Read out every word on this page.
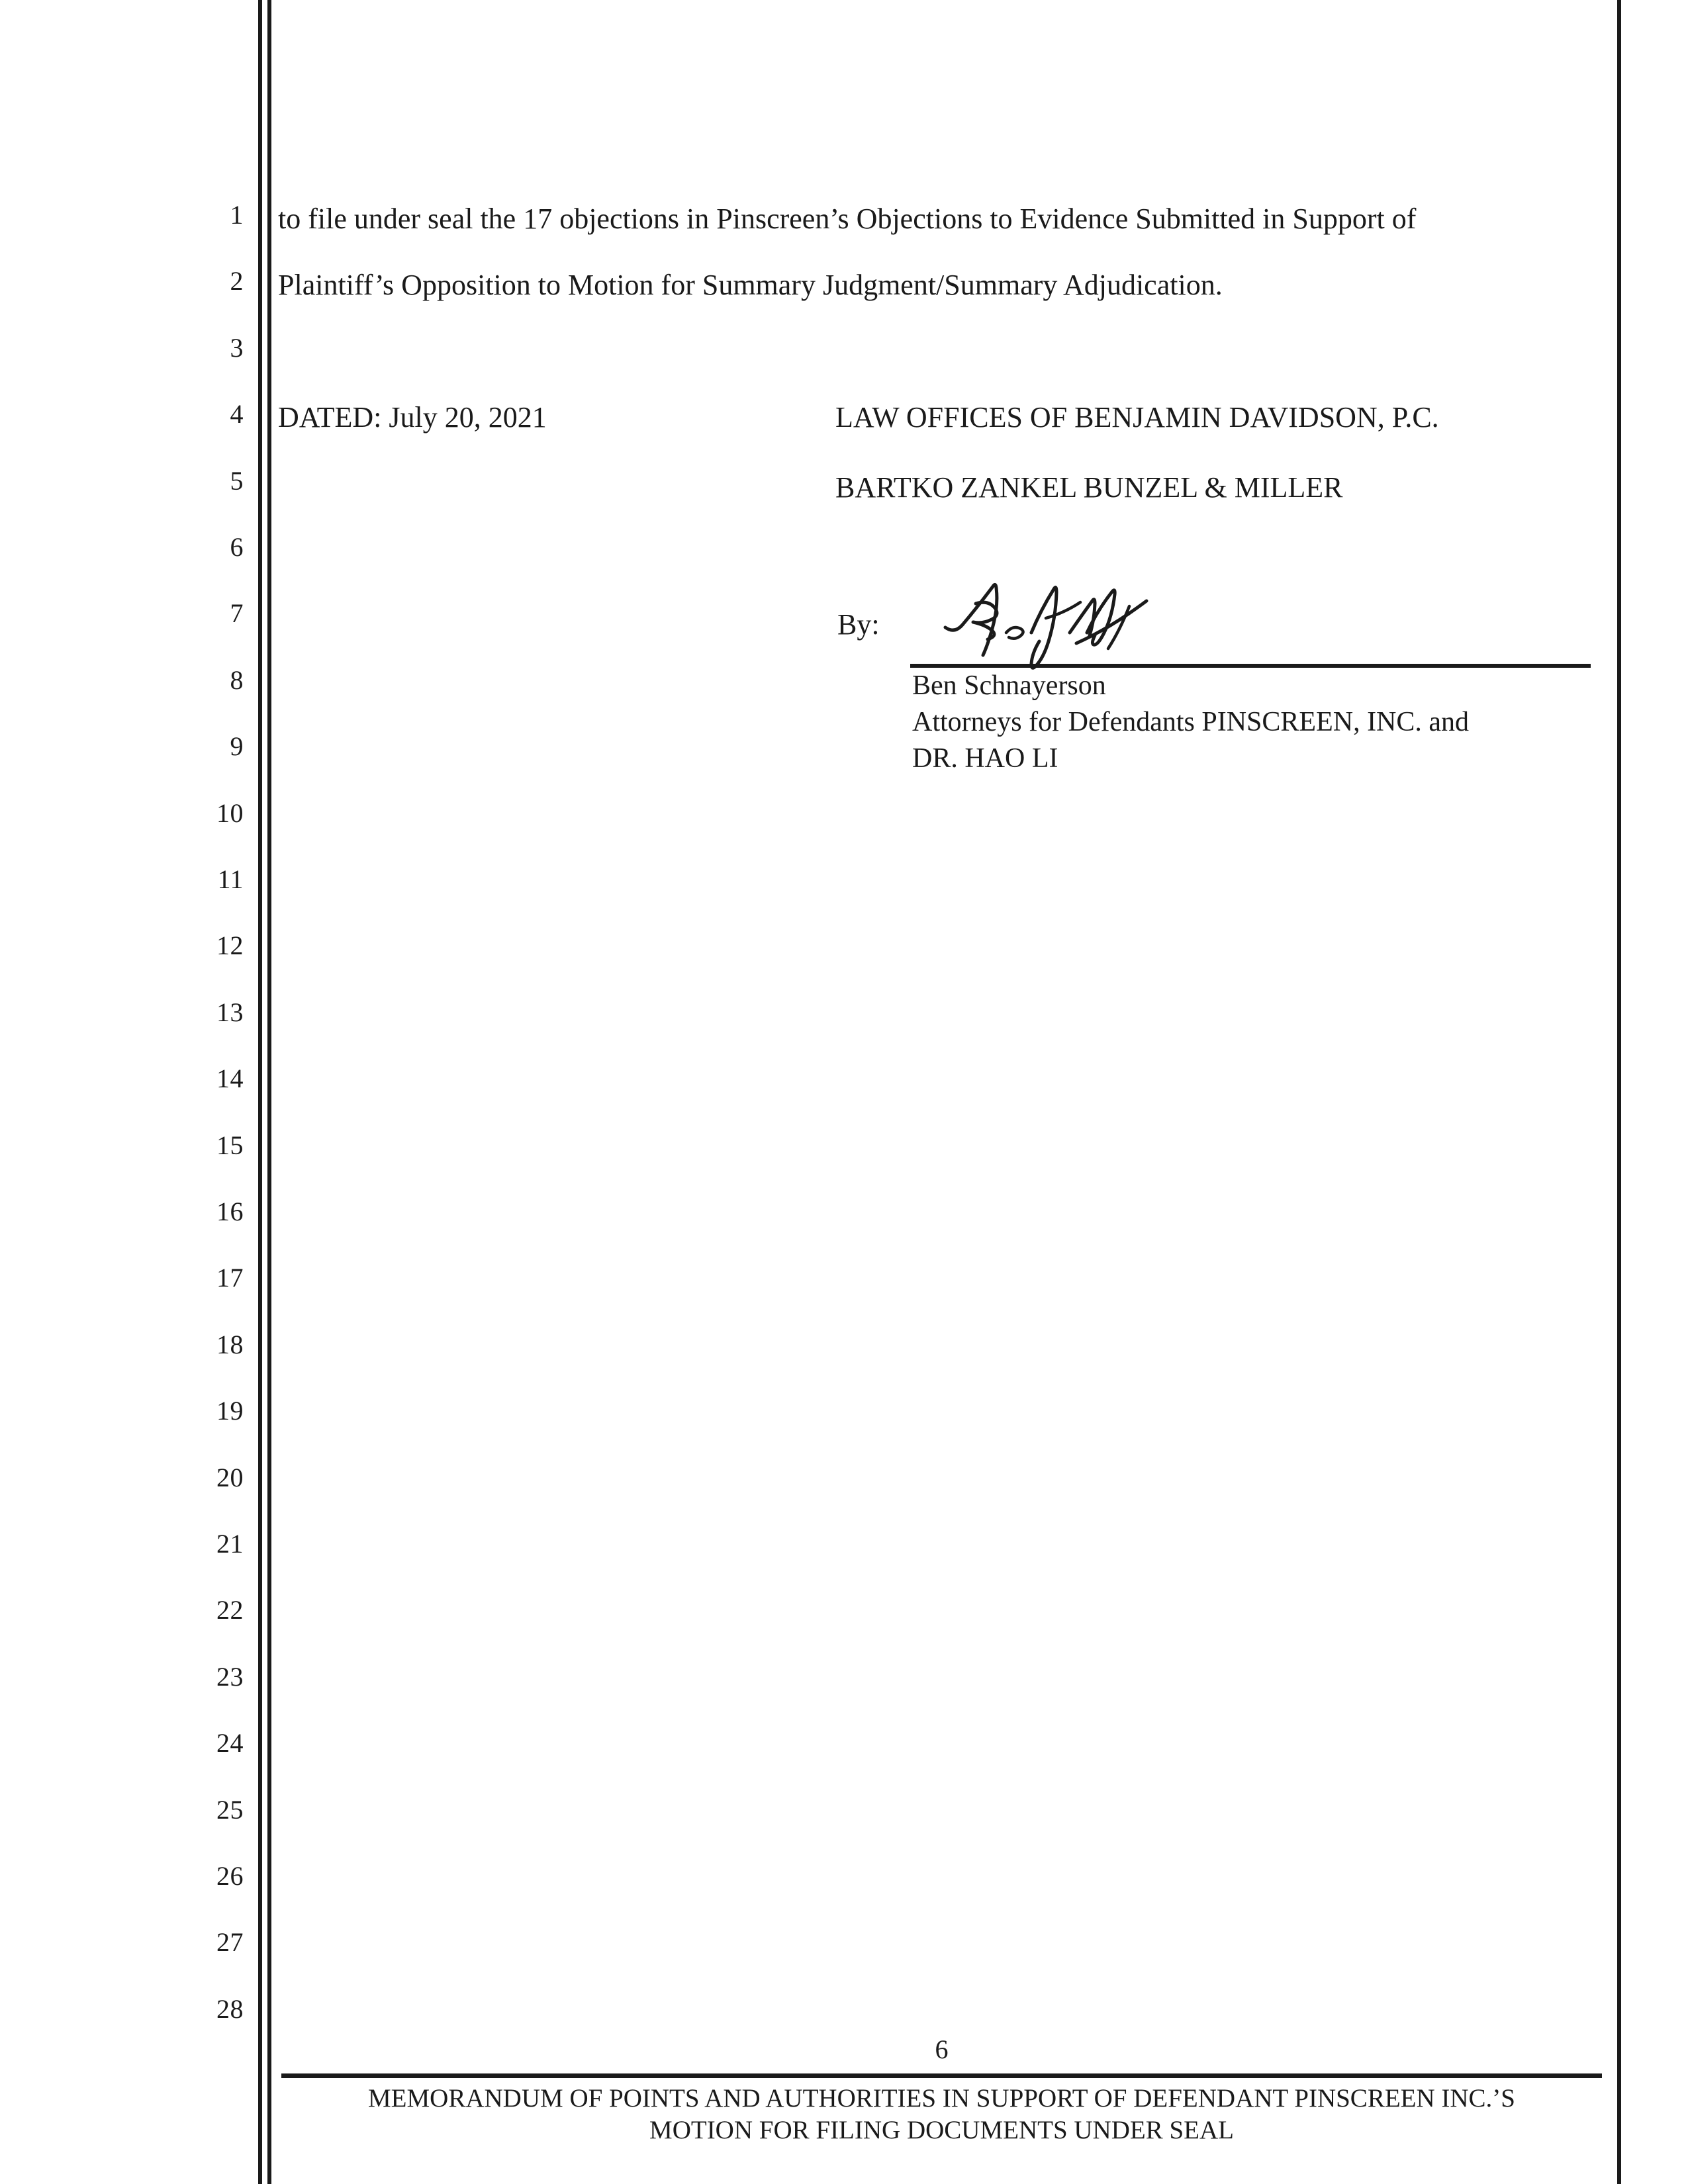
1
2
3
4
5
6
7
8
9
10
11
12
13
14
15
16
17
18
19
20
21
22
23
24
25
26
27
28
to file under seal the 17 objections in Pinscreen’s Objections to Evidence Submitted in Support of
Plaintiff’s Opposition to Motion for Summary Judgment/Summary Adjudication.
DATED: July 20, 2021	LAW OFFICES OF BENJAMIN DAVIDSON, P.C.
BARTKO ZANKEL BUNZEL & MILLER
By:
Ben Schnayerson
Attorneys for Defendants PINSCREEN, INC. and
DR. HAO LI
6
MEMORANDUM OF POINTS AND AUTHORITIES IN SUPPORT OF DEFENDANT PINSCREEN INC.’S
MOTION FOR FILING DOCUMENTS UNDER SEAL
